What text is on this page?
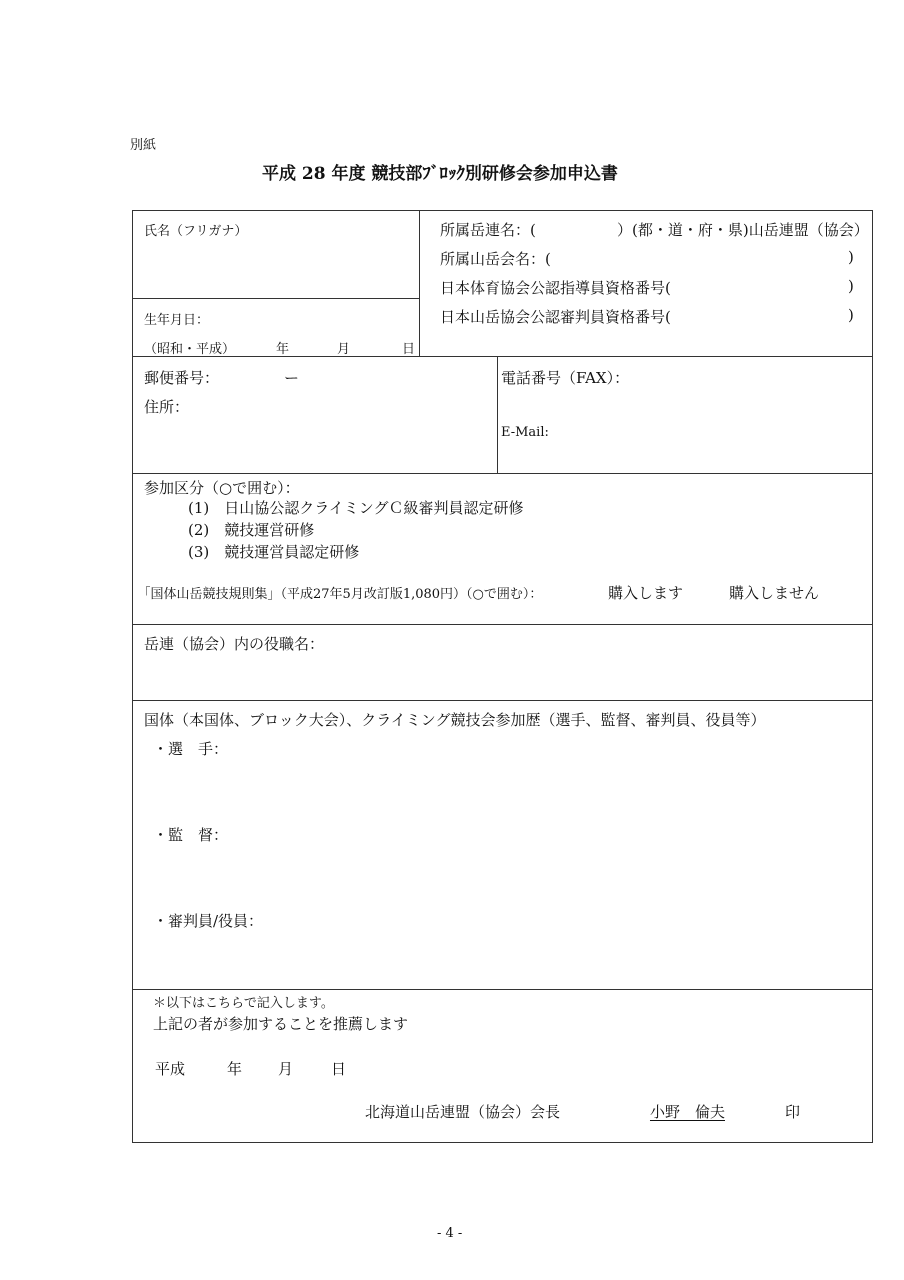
別紙
平成 28 年度 競技部ﾌﾞﾛｯｸ別研修会参加申込書
氏名（フリガナ）
生年月日：
（昭和・平成）	年	月	日
所属岳連名：(	）(都・道・府・県)山岳連盟（協会）
所属山岳会名：(	)
日本体育協会公認指導員資格番号(	)
日本山岳協会公認審判員資格番号(	)
郵便番号：	ー
住所：
電話番号（FAX）：
E-Mail:
参加区分（○で囲む）：
(1)　日山協公認クライミングＣ級審判員認定研修
(2)　競技運営研修
(3)　競技運営員認定研修
｢国体山岳競技規則集｣（平成27年5月改訂版1,080円）（○で囲む）：	購入します	購入しません
岳連（協会）内の役職名：
国体（本国体、ブロック大会）、クライミング競技会参加歴（選手、監督、審判員、役員等）
・選　手：
・監　督：
・審判員/役員：
＊以下はこちらで記入します。
上記の者が参加することを推薦します
平成	年 月	日
北海道山岳連盟（協会）会長	小野　倫夫	印
- 4 -
